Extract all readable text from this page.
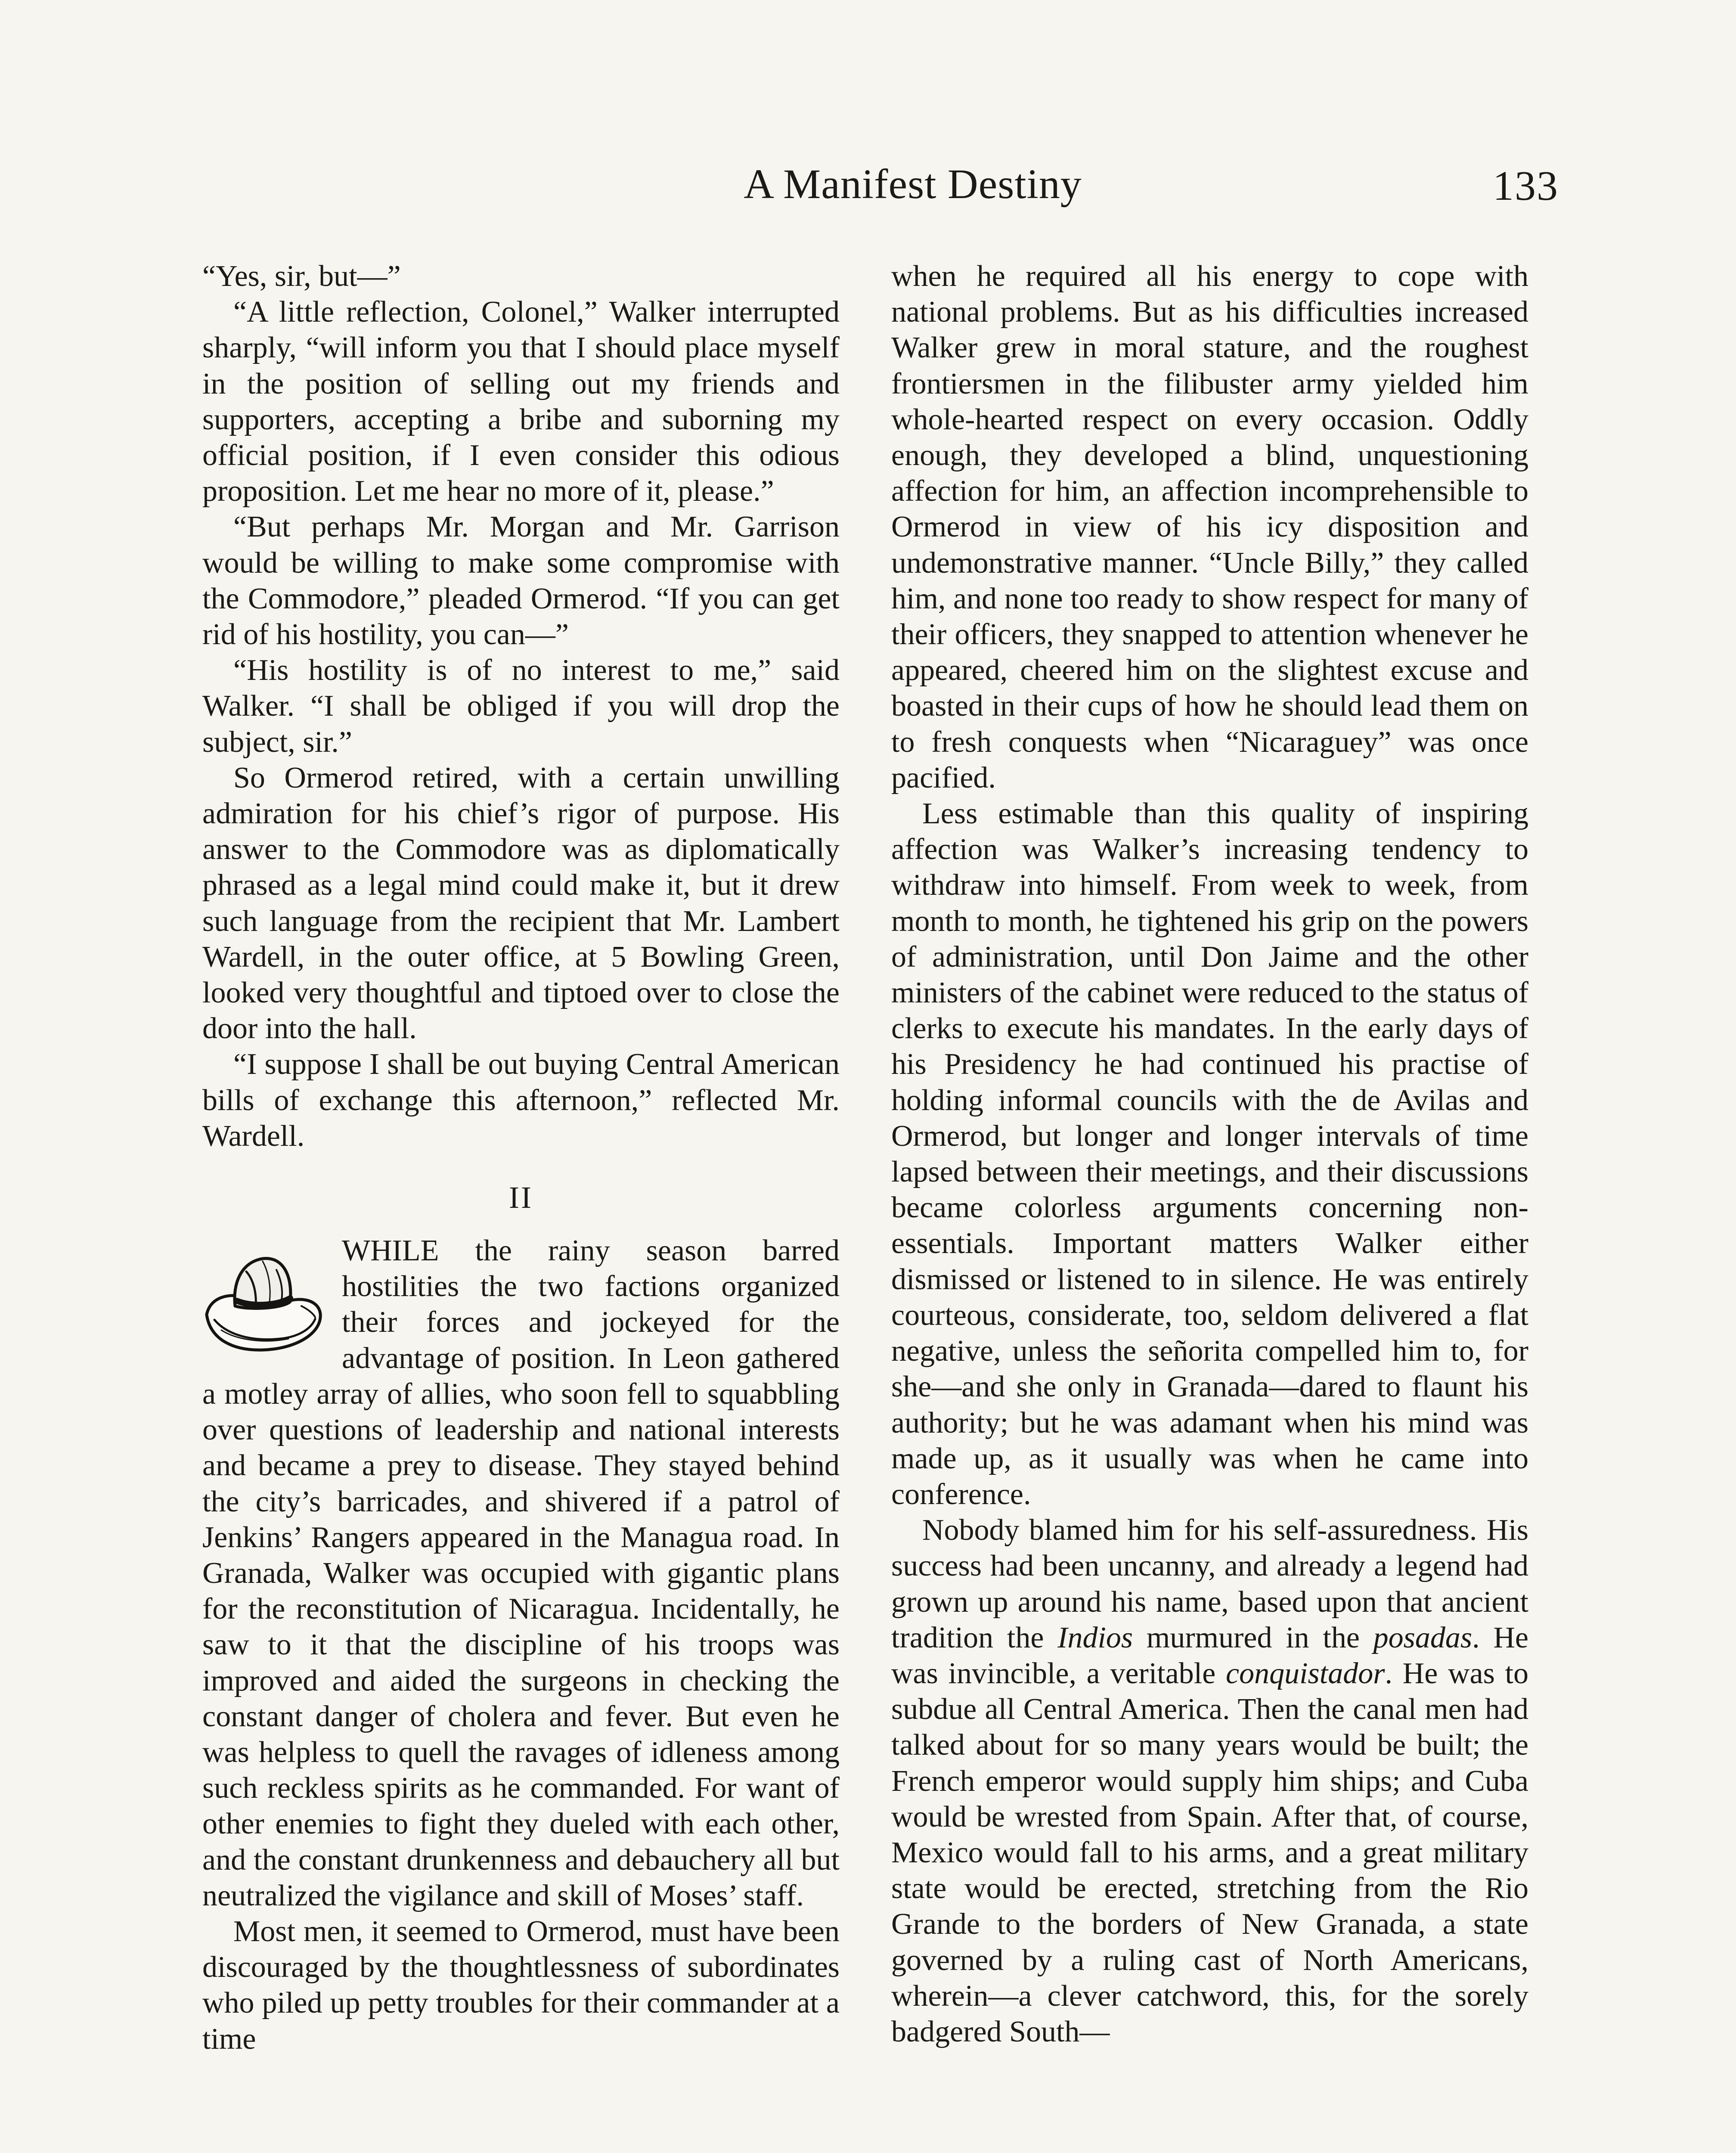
A Manifest Destiny	133

“Yes, sir, but—”

“A little reflection, Colonel,” Walker interrupted sharply, “will inform you that I should place myself in the position of selling out my friends and supporters, accepting a bribe and suborning my official position, if I even consider this odious proposition. Let me hear no more of it, please.”

“But perhaps Mr. Morgan and Mr. Garrison would be willing to make some compromise with the Commodore,” pleaded Ormerod. “If you can get rid of his hostility, you can—”

“His hostility is of no interest to me,” said Walker. “I shall be obliged if you will drop the subject, sir.”

So Ormerod retired, with a certain unwilling admiration for his chief’s rigor of purpose. His answer to the Commodore was as diplomatically phrased as a legal mind could make it, but it drew such language from the recipient that Mr. Lambert Wardell, in the outer office, at 5 Bowling Green, looked very thoughtful and tiptoed over to close the door into the hall.

“I suppose I shall be out buying Central American bills of exchange this afternoon,” reflected Mr. Wardell.

II

WHILE the rainy season barred hostilities the two factions organized their forces and jockeyed for the advantage of position. In Leon gathered a motley array of allies, who soon fell to squabbling over questions of leadership and national interests and became a prey to disease. They stayed behind the city’s barricades, and shivered if a patrol of Jenkins’ Rangers appeared in the Managua road. In Granada, Walker was occupied with gigantic plans for the reconstitution of Nicaragua. Incidentally, he saw to it that the discipline of his troops was improved and aided the surgeons in checking the constant danger of cholera and fever. But even he was helpless to quell the ravages of idleness among such reckless spirits as he commanded. For want of other enemies to fight they dueled with each other, and the constant drunkenness and debauchery all but neutralized the vigilance and skill of Moses’ staff.

Most men, it seemed to Ormerod, must have been discouraged by the thoughtlessness of subordinates who piled up petty troubles for their commander at a time

when he required all his energy to cope with national problems. But as his difficulties increased Walker grew in moral stature, and the roughest frontiersmen in the filibuster army yielded him whole-hearted respect on every occasion. Oddly enough, they developed a blind, unquestioning affection for him, an affection incomprehensible to Ormerod in view of his icy disposition and undemonstrative manner. “Uncle Billy,” they called him, and none too ready to show respect for many of their officers, they snapped to attention whenever he appeared, cheered him on the slightest excuse and boasted in their cups of how he should lead them on to fresh conquests when “Nicaraguey” was once pacified.

Less estimable than this quality of inspiring affection was Walker’s increasing tendency to withdraw into himself. From week to week, from month to month, he tightened his grip on the powers of administration, until Don Jaime and the other ministers of the cabinet were reduced to the status of clerks to execute his mandates. In the early days of his Presidency he had continued his practise of holding informal councils with the de Avilas and Ormerod, but longer and longer intervals of time lapsed between their meetings, and their discussions became colorless arguments concerning non-essentials. Important matters Walker either dismissed or listened to in silence. He was entirely courteous, considerate, too, seldom delivered a flat negative, unless the señorita compelled him to, for she—and she only in Granada—dared to flaunt his authority; but he was adamant when his mind was made up, as it usually was when he came into conference.

Nobody blamed him for his self-assuredness. His success had been uncanny, and already a legend had grown up around his name, based upon that ancient tradition the Indios murmured in the posadas. He was invincible, a veritable conquistador. He was to subdue all Central America. Then the canal men had talked about for so many years would be built; the French emperor would supply him ships; and Cuba would be wrested from Spain. After that, of course, Mexico would fall to his arms, and a great military state would be erected, stretching from the Rio Grande to the borders of New Granada, a state governed by a ruling cast of North Americans, wherein—a clever catchword, this, for the sorely badgered South—
